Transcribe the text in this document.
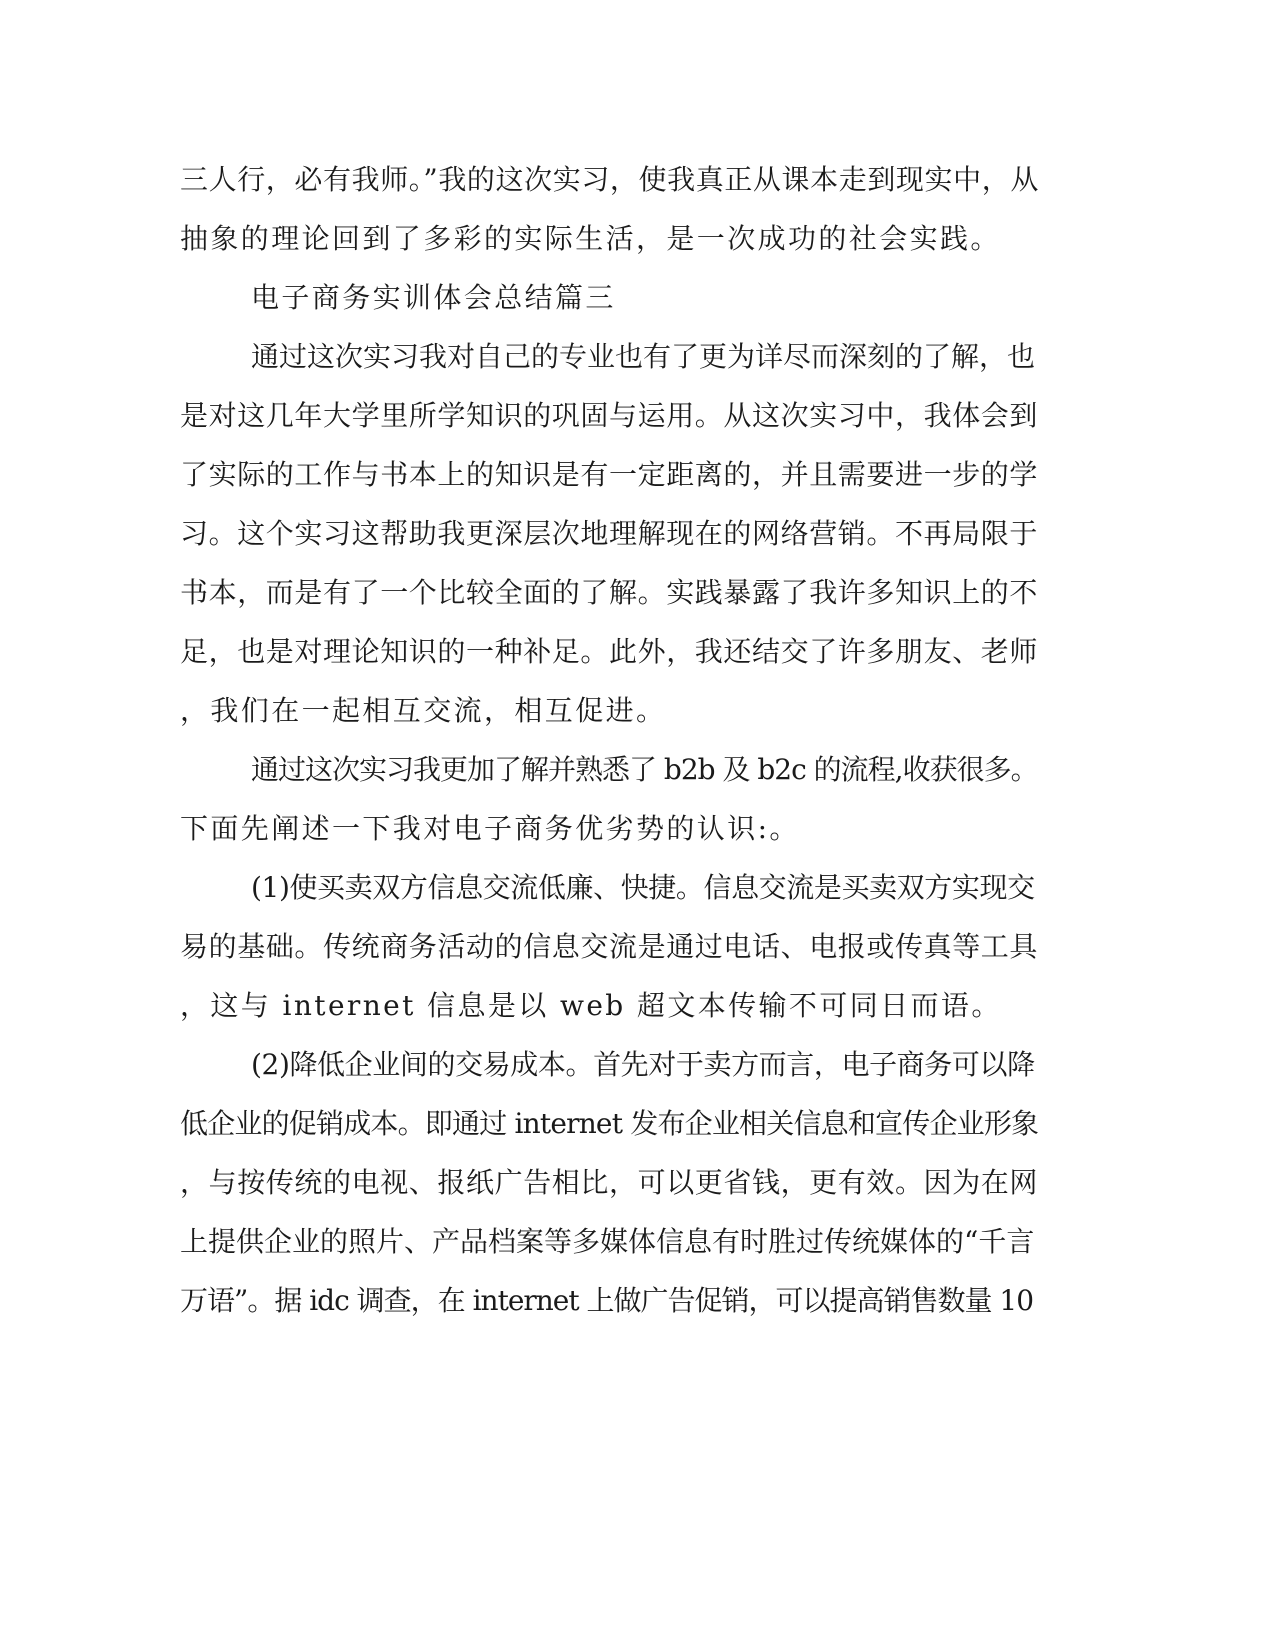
三人行，必有我师。”我的这次实习，使我真正从课本走到现实中，从
抽象的理论回到了多彩的实际生活，是一次成功的社会实践。
电子商务实训体会总结篇三
通过这次实习我对自己的专业也有了更为详尽而深刻的了解，也
是对这几年大学里所学知识的巩固与运用。从这次实习中，我体会到
了实际的工作与书本上的知识是有一定距离的，并且需要进一步的学
习。这个实习这帮助我更深层次地理解现在的网络营销。不再局限于
书本，而是有了一个比较全面的了解。实践暴露了我许多知识上的不
足，也是对理论知识的一种补足。此外，我还结交了许多朋友、老师
，我们在一起相互交流，相互促进。
通过这次实习我更加了解并熟悉了 b2b 及 b2c 的流程,收获很多。
下面先阐述一下我对电子商务优劣势的认识:。
(1)使买卖双方信息交流低廉、快捷。信息交流是买卖双方实现交
易的基础。传统商务活动的信息交流是通过电话、电报或传真等工具
，这与 internet 信息是以 web 超文本传输不可同日而语。
(2)降低企业间的交易成本。首先对于卖方而言，电子商务可以降
低企业的促销成本。即通过 internet 发布企业相关信息和宣传企业形象
，与按传统的电视、报纸广告相比，可以更省钱，更有效。因为在网
上提供企业的照片、产品档案等多媒体信息有时胜过传统媒体的“千言
万语”。据 idc 调查，在 internet 上做广告促销，可以提高销售数量 10
